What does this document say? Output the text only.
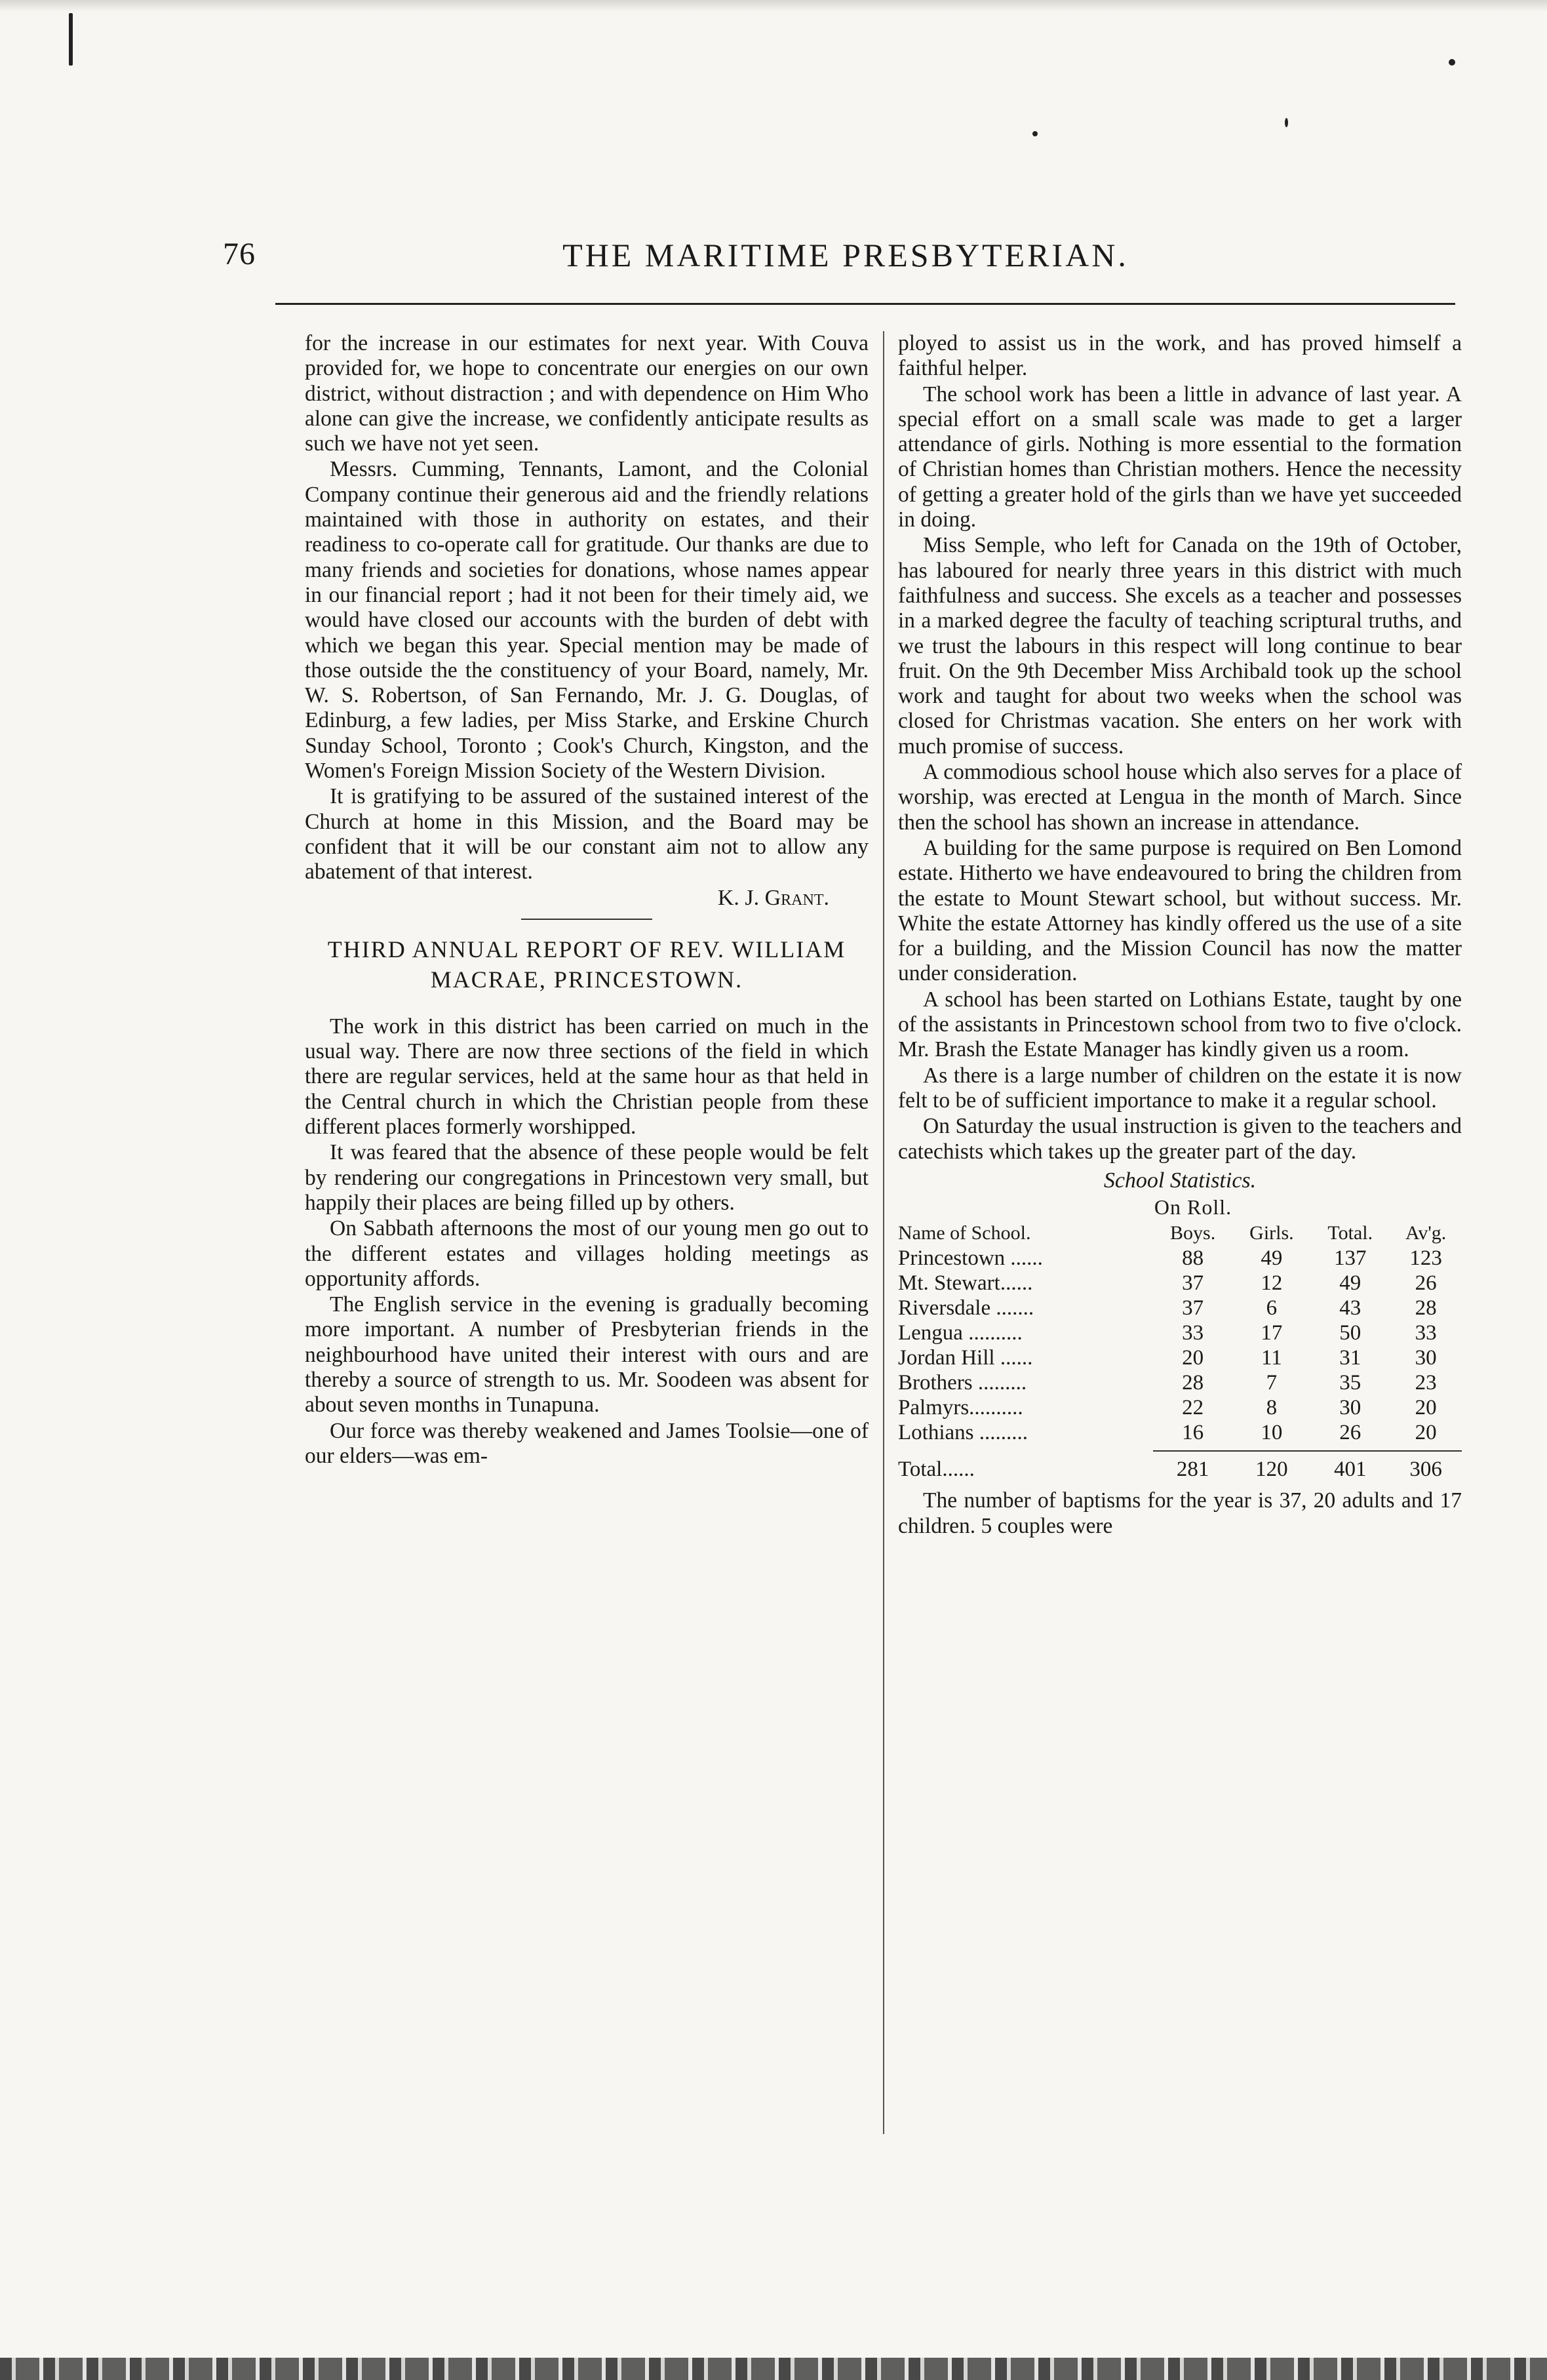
76	THE MARITIME PRESBYTERIAN.

for the increase in our estimates for next year. With Couva provided for, we hope to concentrate our energies on our own district, without distraction ; and with dependence on Him Who alone can give the increase, we confidently anticipate results as such we have not yet seen.

Messrs. Cumming, Tennants, Lamont, and the Colonial Company continue their generous aid and the friendly relations maintained with those in authority on estates, and their readiness to co-operate call for gratitude. Our thanks are due to many friends and societies for donations, whose names appear in our financial report ; had it not been for their timely aid, we would have closed our accounts with the burden of debt with which we began this year. Special mention may be made of those outside the the constituency of your Board, namely, Mr. W. S. Robertson, of San Fernando, Mr. J. G. Douglas, of Edinburg, a few ladies, per Miss Starke, and Erskine Church Sunday School, Toronto ; Cook's Church, Kingston, and the Women's Foreign Mission Society of the Western Division.

It is gratifying to be assured of the sustained interest of the Church at home in this Mission, and the Board may be confident that it will be our constant aim not to allow any abatement of that interest.

K. J. Grant.

THIRD ANNUAL REPORT OF REV. WILLIAM MACRAE, PRINCESTOWN.

The work in this district has been carried on much in the usual way. There are now three sections of the field in which there are regular services, held at the same hour as that held in the Central church in which the Christian people from these different places formerly worshipped.

It was feared that the absence of these people would be felt by rendering our congregations in Princestown very small, but happily their places are being filled up by others.

On Sabbath afternoons the most of our young men go out to the different estates and villages holding meetings as opportunity affords.

The English service in the evening is gradually becoming more important. A number of Presbyterian friends in the neighbourhood have united their interest with ours and are thereby a source of strength to us. Mr. Soodeen was absent for about seven months in Tunapuna.

Our force was thereby weakened and James Toolsie—one of our elders—was em-

ployed to assist us in the work, and has proved himself a faithful helper.

The school work has been a little in advance of last year. A special effort on a small scale was made to get a larger attendance of girls. Nothing is more essential to the formation of Christian homes than Christian mothers. Hence the necessity of getting a greater hold of the girls than we have yet succeeded in doing.

Miss Semple, who left for Canada on the 19th of October, has laboured for nearly three years in this district with much faithfulness and success. She excels as a teacher and possesses in a marked degree the faculty of teaching scriptural truths, and we trust the labours in this respect will long continue to bear fruit. On the 9th December Miss Archibald took up the school work and taught for about two weeks when the school was closed for Christmas vacation. She enters on her work with much promise of success.

A commodious school house which also serves for a place of worship, was erected at Lengua in the month of March. Since then the school has shown an increase in attendance.

A building for the same purpose is required on Ben Lomond estate. Hitherto we have endeavoured to bring the children from the estate to Mount Stewart school, but without success. Mr. White the estate Attorney has kindly offered us the use of a site for a building, and the Mission Council has now the matter under consideration.

A school has been started on Lothians Estate, taught by one of the assistants in Princestown school from two to five o'clock. Mr. Brash the Estate Manager has kindly given us a room.

As there is a large number of children on the estate it is now felt to be of sufficient importance to make it a regular school.

On Saturday the usual instruction is given to the teachers and catechists which takes up the greater part of the day.

School Statistics.
On Roll.
Name of School.	Boys.	Girls.	Total.	Av'g.
Princestown ......	88	49	137	123
Mt. Stewart......	37	12	49	26
Riversdale .......	37	6	43	28
Lengua ..........	33	17	50	33
Jordan Hill ......	20	11	31	30
Brothers .........	28	7	35	23
Palmyrs..........	22	8	30	20
Lothians .........	16	10	26	20

Total......	281	120	401	306

The number of baptisms for the year is 37, 20 adults and 17 children. 5 couples were
